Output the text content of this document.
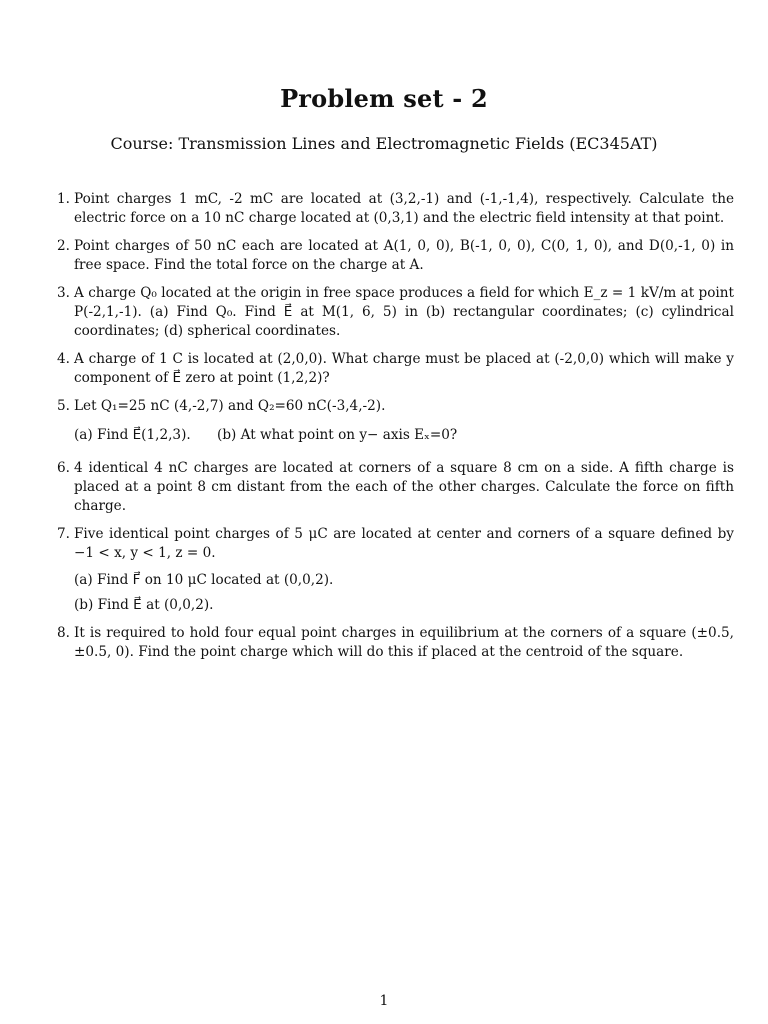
Problem set - 2
Course: Transmission Lines and Electromagnetic Fields (EC345AT)
1. Point charges 1 mC, -2 mC are located at (3,2,-1) and (-1,-1,4), respectively. Calculate the electric force on a 10 nC charge located at (0,3,1) and the electric field intensity at that point.
2. Point charges of 50 nC each are located at A(1, 0, 0), B(-1, 0, 0), C(0, 1, 0), and D(0,-1, 0) in free space. Find the total force on the charge at A.
3. A charge Q₀ located at the origin in free space produces a field for which E_z = 1 kV/m at point P(-2,1,-1). (a) Find Q₀. Find E⃗ at M(1, 6, 5) in (b) rectangular coordinates; (c) cylindrical coordinates; (d) spherical coordinates.
4. A charge of 1 C is located at (2,0,0). What charge must be placed at (-2,0,0) which will make y component of E⃗ zero at point (1,2,2)?
5. Let Q₁=25 nC (4,-2,7) and Q₂=60 nC(-3,4,-2).
(a) Find E⃗(1,2,3). (b) At what point on y− axis Eₓ=0?
6. 4 identical 4 nC charges are located at corners of a square 8 cm on a side. A fifth charge is placed at a point 8 cm distant from the each of the other charges. Calculate the force on fifth charge.
7. Five identical point charges of 5 μC are located at center and corners of a square defined by −1 < x, y < 1, z = 0.
(a) Find F⃗ on 10 μC located at (0,0,2).
(b) Find E⃗ at (0,0,2).
8. It is required to hold four equal point charges in equilibrium at the corners of a square (±0.5, ±0.5, 0). Find the point charge which will do this if placed at the centroid of the square.
1
